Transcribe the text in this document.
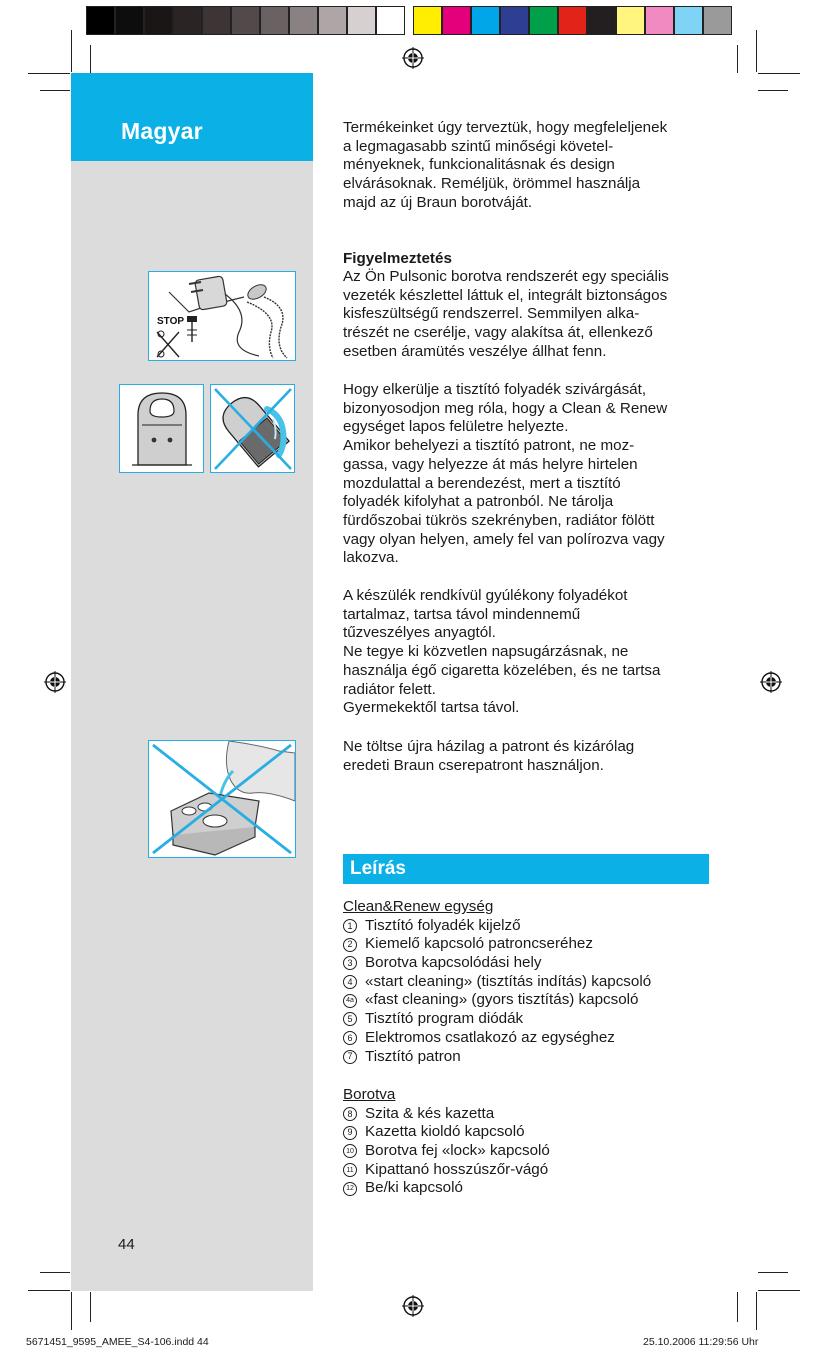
Magyar
44
STOP
Termékeinket úgy terveztük, hogy megfeleljenek
a legmagasabb szintű minőségi követel-
ményeknek, funkcionalitásnak és design
elvárásoknak. Reméljük, örömmel használja
majd az új Braun borotváját.
Figyelmeztetés
Az Ön Pulsonic borotva rendszerét egy speciális
vezeték készlettel láttuk el, integrált biztonságos
kisfeszültségű rendszerrel. Semmilyen alka-
trészét ne cserélje, vagy alakítsa át, ellenkező
esetben áramütés veszélye állhat fenn.
Hogy elkerülje a tisztító folyadék szivárgását,
bizonyosodjon meg róla, hogy a Clean & Renew
egységet lapos felületre helyezte.
Amikor behelyezi a tisztító patront, ne moz-
gassa, vagy helyezze át más helyre hirtelen
mozdulattal a berendezést, mert a tisztító
folyadék kifolyhat a patronból. Ne tárolja
fürdőszobai tükrös szekrényben, radiátor fölött
vagy olyan helyen, amely fel van polírozva vagy
lakozva.
A készülék rendkívül gyúlékony folyadékot
tartalmaz, tartsa távol mindennemű
tűzveszélyes anyagtól.
Ne tegye ki közvetlen napsugárzásnak, ne
használja égő cigaretta közelében, és ne tartsa
radiátor felett.
Gyermekektől tartsa távol.
Ne töltse újra házilag a patront és kizárólag
eredeti Braun cserepatront használjon.
Leírás
Clean&Renew egység
1 Tisztító folyadék kijelző
2 Kiemelő kapcsoló patroncseréhez
3 Borotva kapcsolódási hely
4 «start cleaning» (tisztítás indítás) kapcsoló
4a «fast cleaning» (gyors tisztítás) kapcsoló
5 Tisztító program diódák
6 Elektromos csatlakozó az egységhez
7 Tisztító patron
Borotva
8 Szita & kés kazetta
9 Kazetta kioldó kapcsoló
10 Borotva fej «lock» kapcsoló
11 Kipattanó hosszúszőr-vágó
12 Be/ki kapcsoló
5671451_9595_AMEE_S4-106.indd 44	25.10.2006 11:29:56 Uhr
